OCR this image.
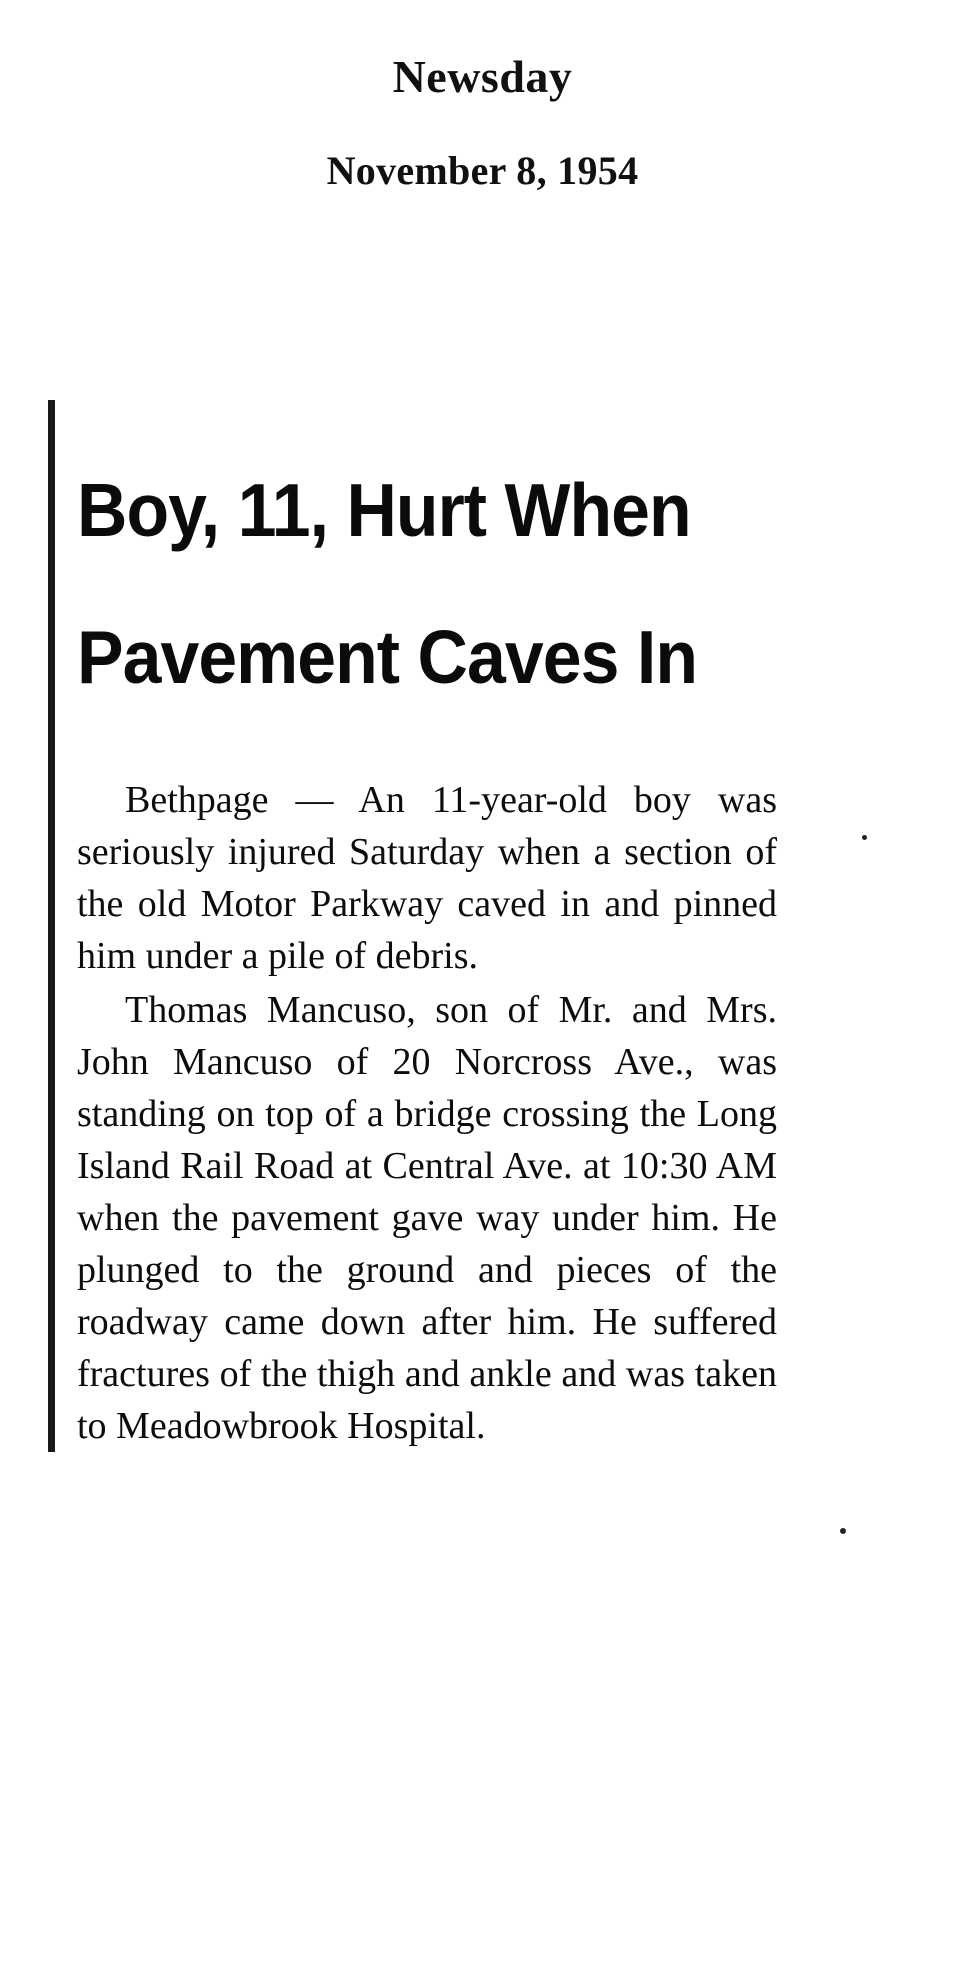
Newsday
November 8, 1954

Boy, 11, Hurt When

Pavement Caves In

Bethpage — An 11-year-old boy was seriously injured Saturday when a section of the old Motor Parkway caved in and pinned him under a pile of debris.

Thomas Mancuso, son of Mr. and Mrs. John Mancuso of 20 Norcross Ave., was standing on top of a bridge crossing the Long Island Rail Road at Central Ave. at 10:30 AM when the pavement gave way under him. He plunged to the ground and pieces of the roadway came down after him. He suffered fractures of the thigh and ankle and was taken to Meadowbrook Hospital.
